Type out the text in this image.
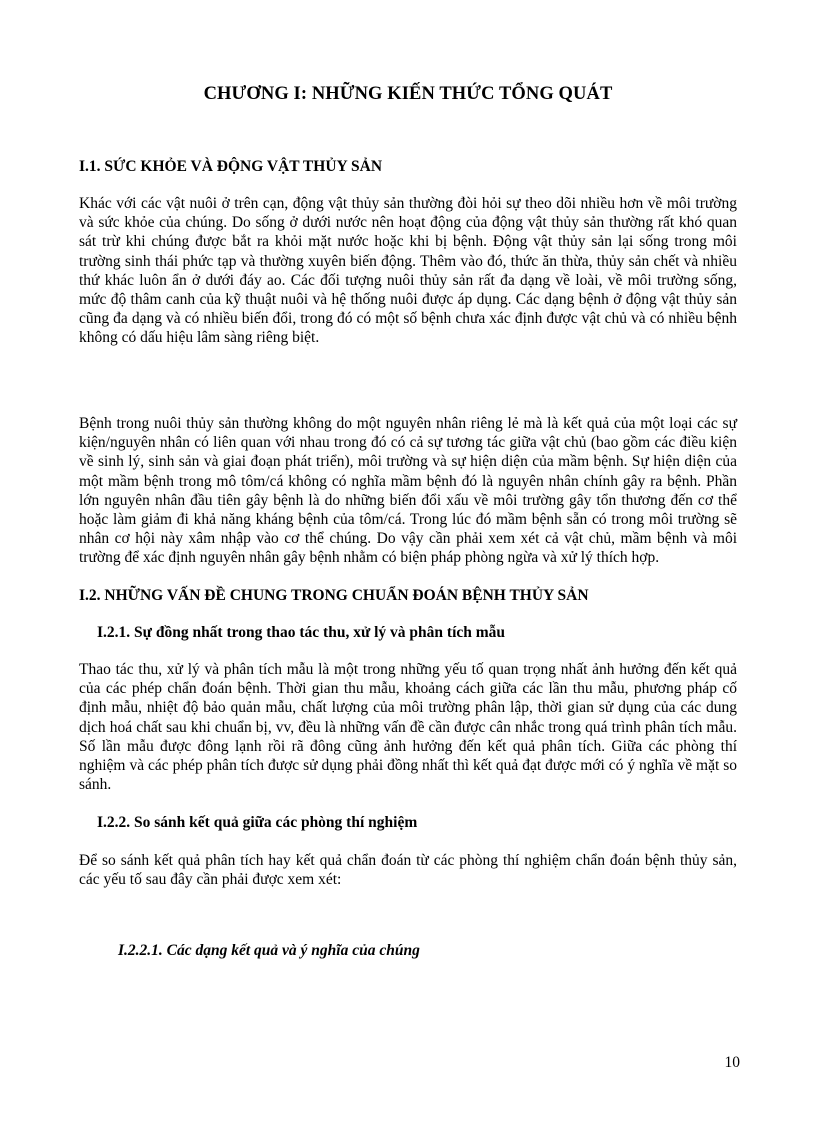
CHƯƠNG I: NHỮNG KIẾN THỨC TỔNG QUÁT
I.1. SỨC KHỎE VÀ ĐỘNG VẬT THỦY SẢN

Khác với các vật nuôi ở trên cạn, động vật thủy sản thường đòi hỏi sự theo dõi nhiều hơn về môi trường và sức khỏe của chúng. Do sống ở dưới nước nên hoạt động của động vật thủy sản thường rất khó quan sát trừ khi chúng được bắt ra khỏi mặt nước hoặc khi bị bệnh. Động vật thủy sản lại sống trong môi trường sinh thái phức tạp và thường xuyên biến động. Thêm vào đó, thức ăn thừa, thủy sản chết và nhiều thứ khác luôn ẩn ở dưới đáy ao. Các đối tượng nuôi thủy sản rất đa dạng về loài, về môi trường sống, mức độ thâm canh của kỹ thuật nuôi và hệ thống nuôi được áp dụng. Các dạng bệnh ở động vật thủy sản cũng đa dạng và có nhiều biến đổi, trong đó có một số bệnh chưa xác định được vật chủ và có nhiều bệnh không có dấu hiệu lâm sàng riêng biệt.

Bệnh trong nuôi thủy sản thường không do một nguyên nhân riêng lẻ mà là kết quả của một loại các sự kiện/nguyên nhân có liên quan với nhau trong đó có cả sự tương tác giữa vật chủ (bao gồm các điều kiện về sinh lý, sinh sản và giai đoạn phát triển), môi trường và sự hiện diện của mầm bệnh. Sự hiện diện của một mầm bệnh trong mô tôm/cá không có nghĩa mầm bệnh đó là nguyên nhân chính gây ra bệnh. Phần lớn nguyên nhân đầu tiên gây bệnh là do những biến đổi xấu về môi trường gây tổn thương đến cơ thể hoặc làm giảm đi khả năng kháng bệnh của tôm/cá. Trong lúc đó mầm bệnh sẵn có trong môi trường sẽ nhân cơ hội này xâm nhập vào cơ thể chúng. Do vậy cần phải xem xét cả vật chủ, mầm bệnh và môi trường để xác định nguyên nhân gây bệnh nhằm có biện pháp phòng ngừa và xử lý thích hợp.

I.2. NHỮNG VẤN ĐỀ CHUNG TRONG CHUẨN ĐOÁN BỆNH THỦY SẢN
I.2.1. Sự đồng nhất trong thao tác thu, xử lý và phân tích mẫu

Thao tác thu, xử lý và phân tích mẫu là một trong những yếu tố quan trọng nhất ảnh hưởng đến kết quả của các phép chẩn đoán bệnh. Thời gian thu mẫu, khoảng cách giữa các lần thu mẫu, phương pháp cố định mẫu, nhiệt độ bảo quản mẫu, chất lượng của môi trường phân lập, thời gian sử dụng của các dung dịch hoá chất sau khi chuẩn bị, vv, đều là những vấn đề cần được cân nhắc trong quá trình phân tích mẫu. Số lần mẫu được đông lạnh rồi rã đông cũng ảnh hưởng đến kết quả phân tích. Giữa các phòng thí nghiệm và các phép phân tích được sử dụng phải đồng nhất thì kết quả đạt được mới có ý nghĩa về mặt so sánh.

I.2.2. So sánh kết quả giữa các phòng thí nghiệm

Để so sánh kết quả phân tích hay kết quả chẩn đoán từ các phòng thí nghiệm chẩn đoán bệnh thủy sản, các yếu tố sau đây cần phải được xem xét:

I.2.2.1. Các dạng kết quả và ý nghĩa của chúng
10
